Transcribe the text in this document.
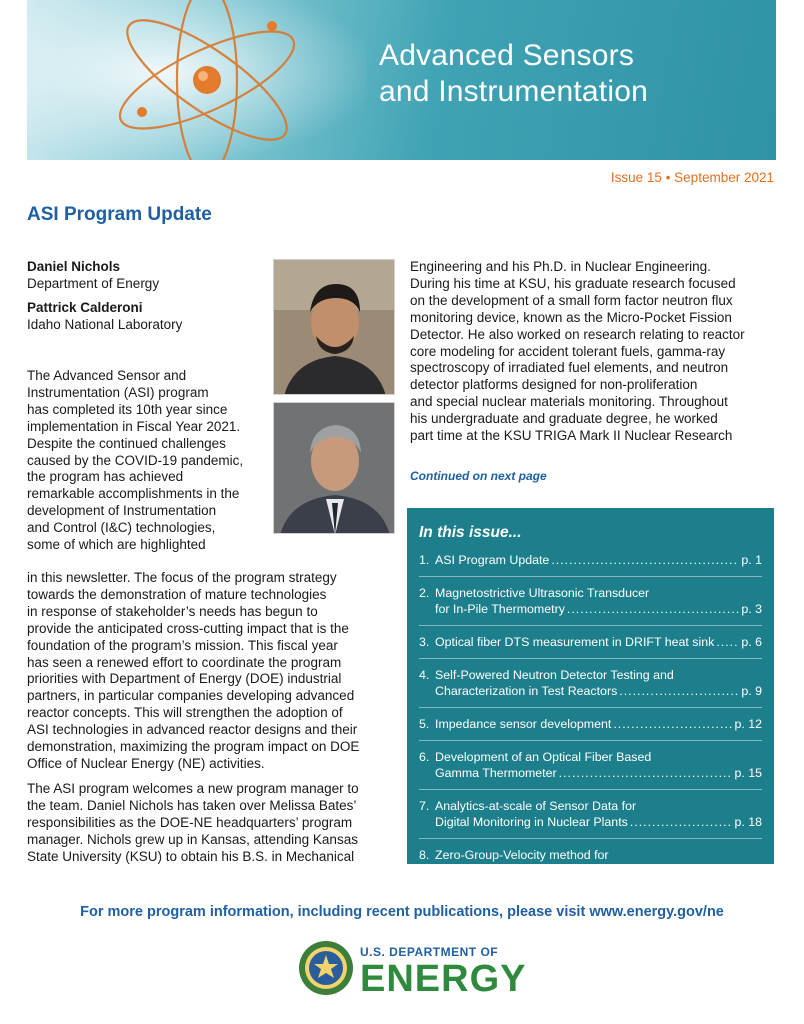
Advanced Sensors
and Instrumentation
Issue 15 • September 2021
ASI Program Update
Daniel Nichols
Department of Energy
Pattrick Calderoni
Idaho National Laboratory
The Advanced Sensor and
Instrumentation (ASI) program
has completed its 10th year since
implementation in Fiscal Year 2021.
Despite the continued challenges
caused by the COVID-19 pandemic,
the program has achieved
remarkable accomplishments in the
development of Instrumentation
and Control (I&C) technologies,
some of which are highlighted
in this newsletter. The focus of the program strategy
towards the demonstration of mature technologies
in response of stakeholder’s needs has begun to
provide the anticipated cross-cutting impact that is the
foundation of the program’s mission. This fiscal year
has seen a renewed effort to coordinate the program
priorities with Department of Energy (DOE) industrial
partners, in particular companies developing advanced
reactor concepts. This will strengthen the adoption of
ASI technologies in advanced reactor designs and their
demonstration, maximizing the program impact on DOE
Office of Nuclear Energy (NE) activities.
The ASI program welcomes a new program manager to
the team. Daniel Nichols has taken over Melissa Bates’
responsibilities as the DOE-NE headquarters’ program
manager. Nichols grew up in Kansas, attending Kansas
State University (KSU) to obtain his B.S. in Mechanical
Engineering and his Ph.D. in Nuclear Engineering.
During his time at KSU, his graduate research focused
on the development of a small form factor neutron flux
monitoring device, known as the Micro-Pocket Fission
Detector. He also worked on research relating to reactor
core modeling for accident tolerant fuels, gamma-ray
spectroscopy of irradiated fuel elements, and neutron
detector platforms designed for non-proliferation
and special nuclear materials monitoring. Throughout
his undergraduate and graduate degree, he worked
part time at the KSU TRIGA Mark II Nuclear Research
Continued on next page
In this issue...
1. ASI Program Update .....	p. 1
2. Magnetostrictive Ultrasonic Transducer
for In-Pile Thermometry .....	p. 3
3. Optical fiber DTS measurement in DRIFT heat sink ..... p. 6
4. Self-Powered Neutron Detector Testing and
Characterization in Test Reactors .....	p. 9
5. Impedance sensor development .....	p. 12
6. Development of an Optical Fiber Based
Gamma Thermometer .....	p. 15
7. Analytics-at-scale of Sensor Data for
Digital Monitoring in Nuclear Plants .....	p. 18
8. Zero-Group-Velocity method for
microstructure characterization .....	p. 21
For more program information, including recent publications, please visit www.energy.gov/ne
U.S. DEPARTMENT OF
ENERGY
